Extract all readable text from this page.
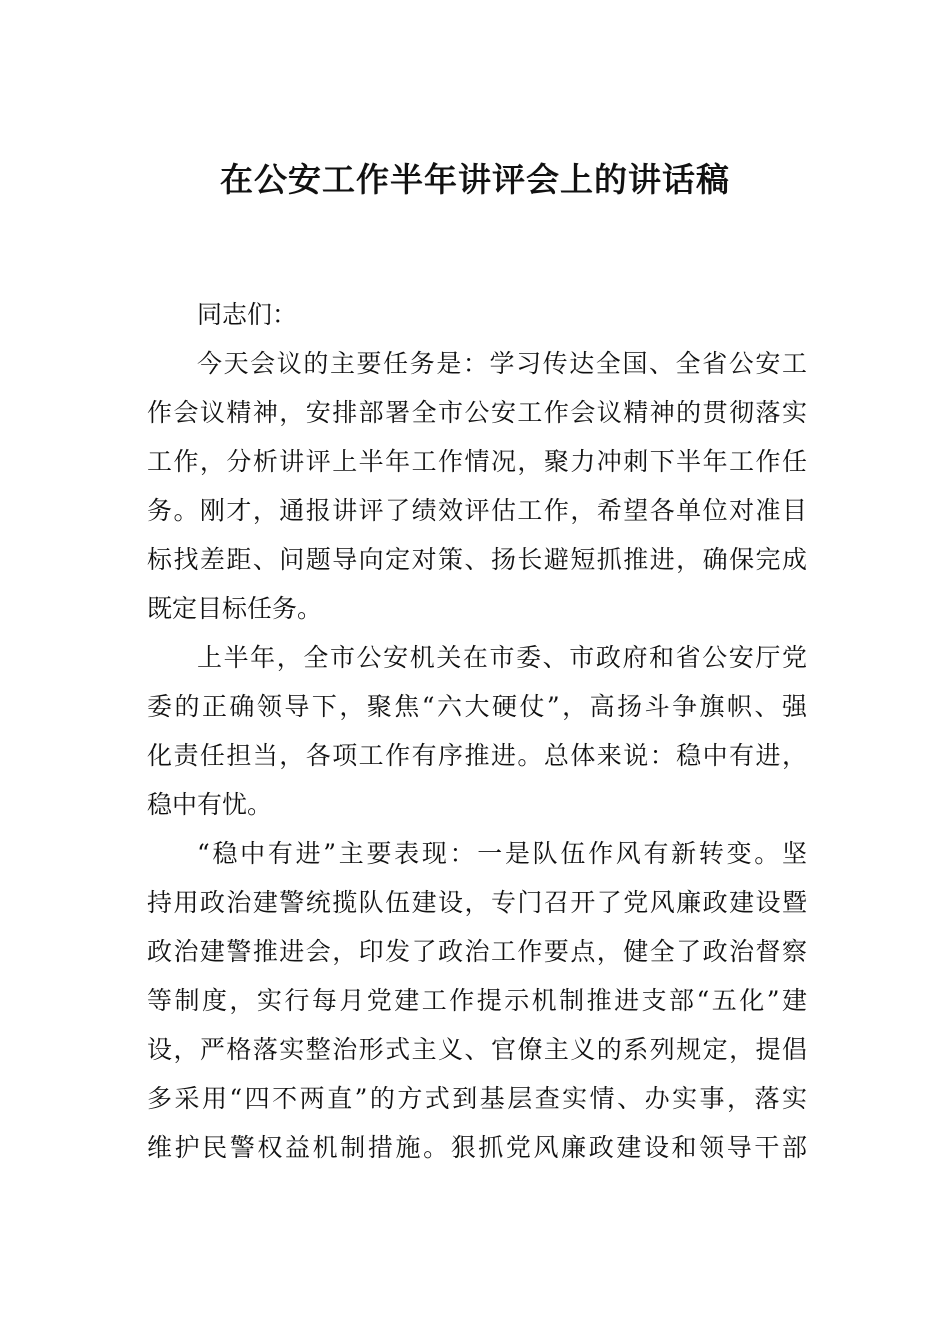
在公安工作半年讲评会上的讲话稿
同志们：
今天会议的主要任务是：学习传达全国、全省公安工
作会议精神，安排部署全市公安工作会议精神的贯彻落实
工作，分析讲评上半年工作情况，聚力冲刺下半年工作任
务。刚才，通报讲评了绩效评估工作，希望各单位对准目
标找差距、问题导向定对策、扬长避短抓推进，确保完成
既定目标任务。
上半年，全市公安机关在市委、市政府和省公安厅党
委的正确领导下，聚焦“六大硬仗”，高扬斗争旗帜、强
化责任担当，各项工作有序推进。总体来说：稳中有进，
稳中有忧。
“稳中有进”主要表现：一是队伍作风有新转变。坚
持用政治建警统揽队伍建设，专门召开了党风廉政建设暨
政治建警推进会，印发了政治工作要点，健全了政治督察
等制度，实行每月党建工作提示机制推进支部“五化”建
设，严格落实整治形式主义、官僚主义的系列规定，提倡
多采用“四不两直”的方式到基层查实情、办实事，落实
维护民警权益机制措施。狠抓党风廉政建设和领导干部
